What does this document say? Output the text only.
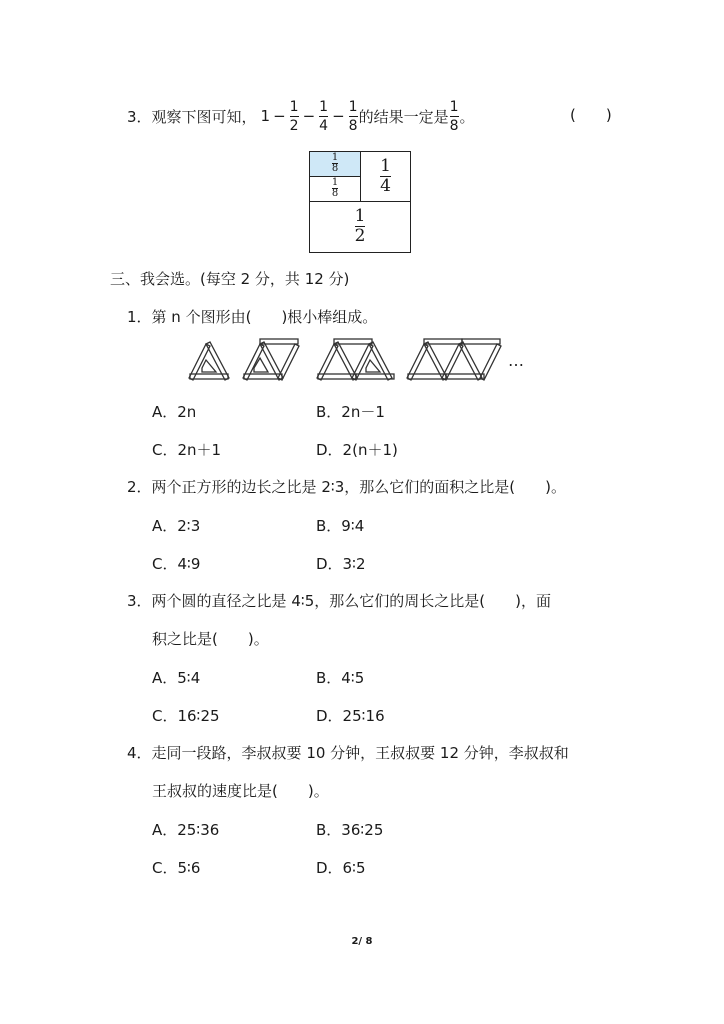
3．观察下图可知， $1 - \frac{1}{2} - \frac{1}{4} - \frac{1}{8}$ 的结果一定是 $\frac{1}{8}$ 。	(　　)
$\frac{1}{8}$
$\frac{1}{8} \frac{1}{4}$
$\frac{1}{2}$
三、我会选。(每空 2 分，共 12 分)
1．第 n 个图形由(　　)根小棒组成。
…
A．2n	B．2n－1
C．2n＋1	D．2(n＋1)
2．两个正方形的边长之比是 2∶3，那么它们的面积之比是(　　)。
A．2∶3	B．9∶4
C．4∶9	D．3∶2
3．两个圆的直径之比是 4∶5，那么它们的周长之比是(　　)，面
积之比是(　　)。
A．5∶4	B．4∶5
C．16∶25	D．25∶16
4．走同一段路，李叔叔要 10 分钟，王叔叔要 12 分钟，李叔叔和
王叔叔的速度比是(　　)。
A．25∶36	B．36∶25
C．5∶6	D．6∶5
2/ 8
